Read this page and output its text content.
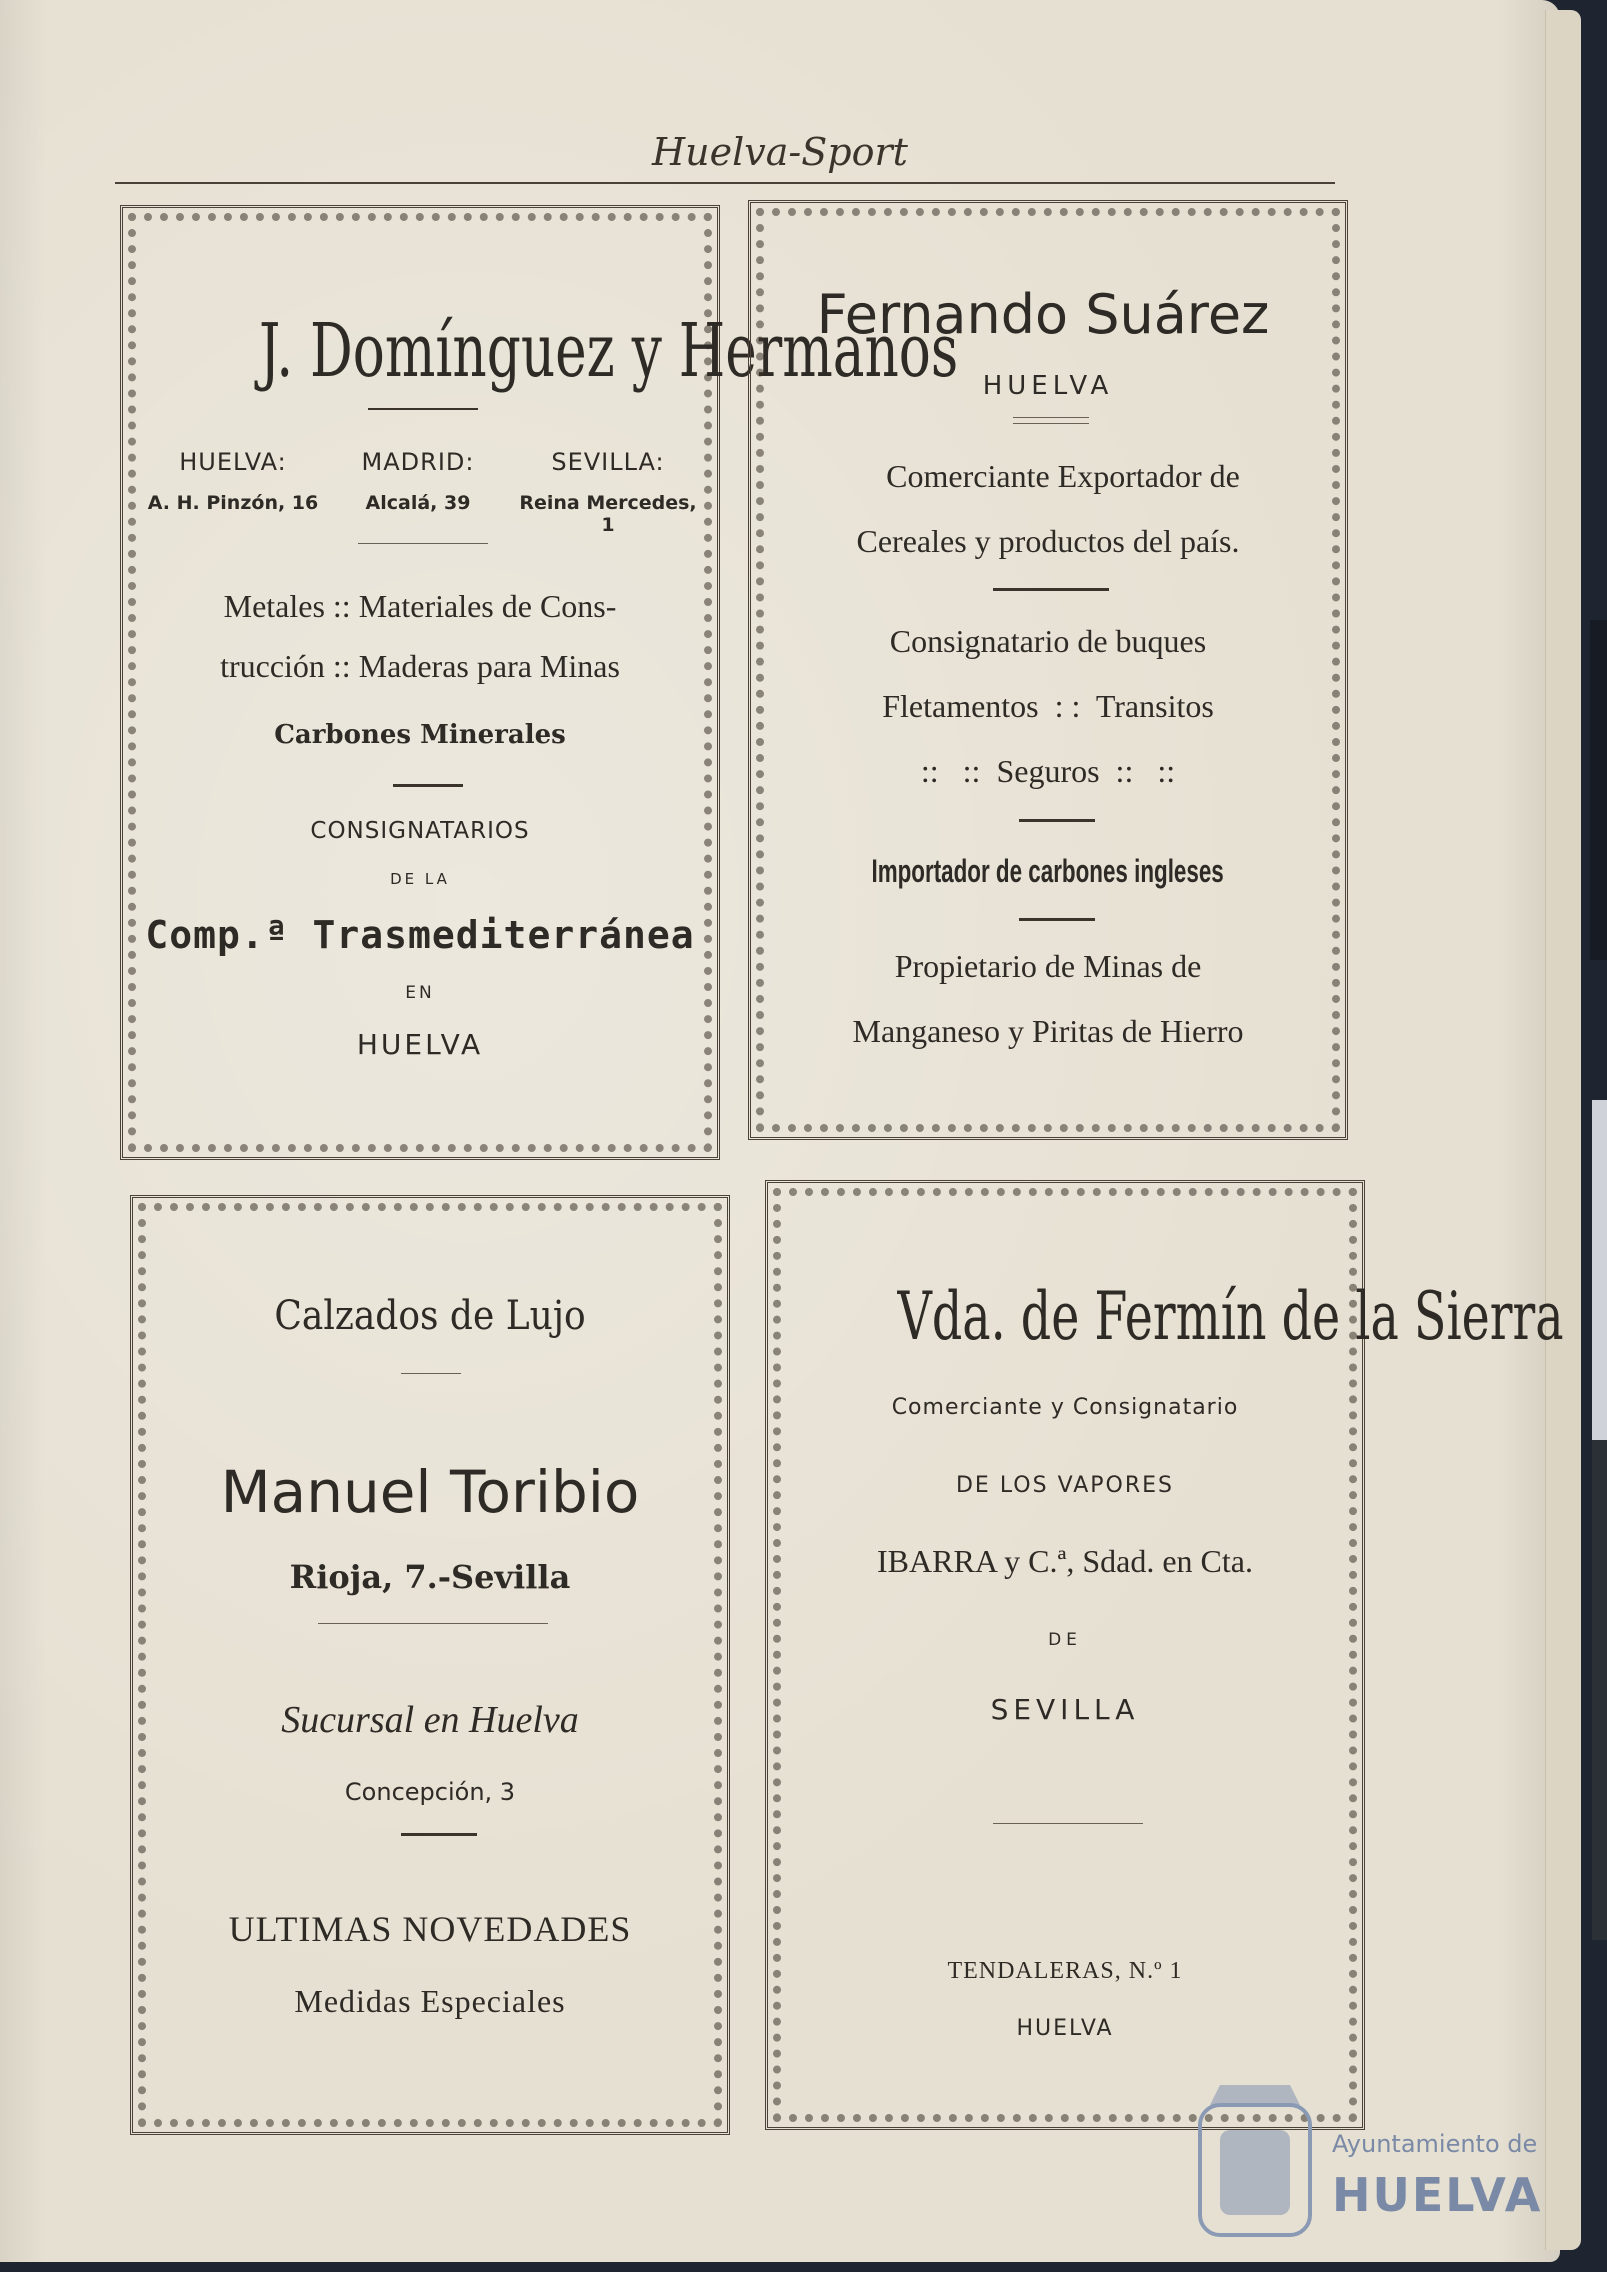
Huelva-Sport
J. Domínguez y Hermanos
HUELVA:
A. H. Pinzón, 16
MADRID:
Alcalá, 39
SEVILLA:
Reina Mercedes, 1
Metales :: Materiales de Cons-
trucción :: Maderas para Minas
Carbones Minerales
CONSIGNATARIOS
DE LA
Comp.ª Trasmediterránea
EN
HUELVA
Fernando Suárez
HUELVA
Comerciante Exportador de
Cereales y productos del país.
Consignatario de buques
Fletamentos  : :  Transitos
::   ::  Seguros  ::   ::
Importador de carbones ingleses
Propietario de Minas de
Manganeso y Piritas de Hierro
Calzados de Lujo
Manuel Toribio
Rioja, 7.-Sevilla
Sucursal en Huelva
Concepción, 3
ULTIMAS NOVEDADES
Medidas Especiales
Vda. de Fermín de la Sierra
Comerciante y Consignatario
DE LOS VAPORES
IBARRA y C.ª, Sdad. en Cta.
DE
SEVILLA
TENDALERAS, N.º 1
HUELVA
Ayuntamiento de
HUELVA
